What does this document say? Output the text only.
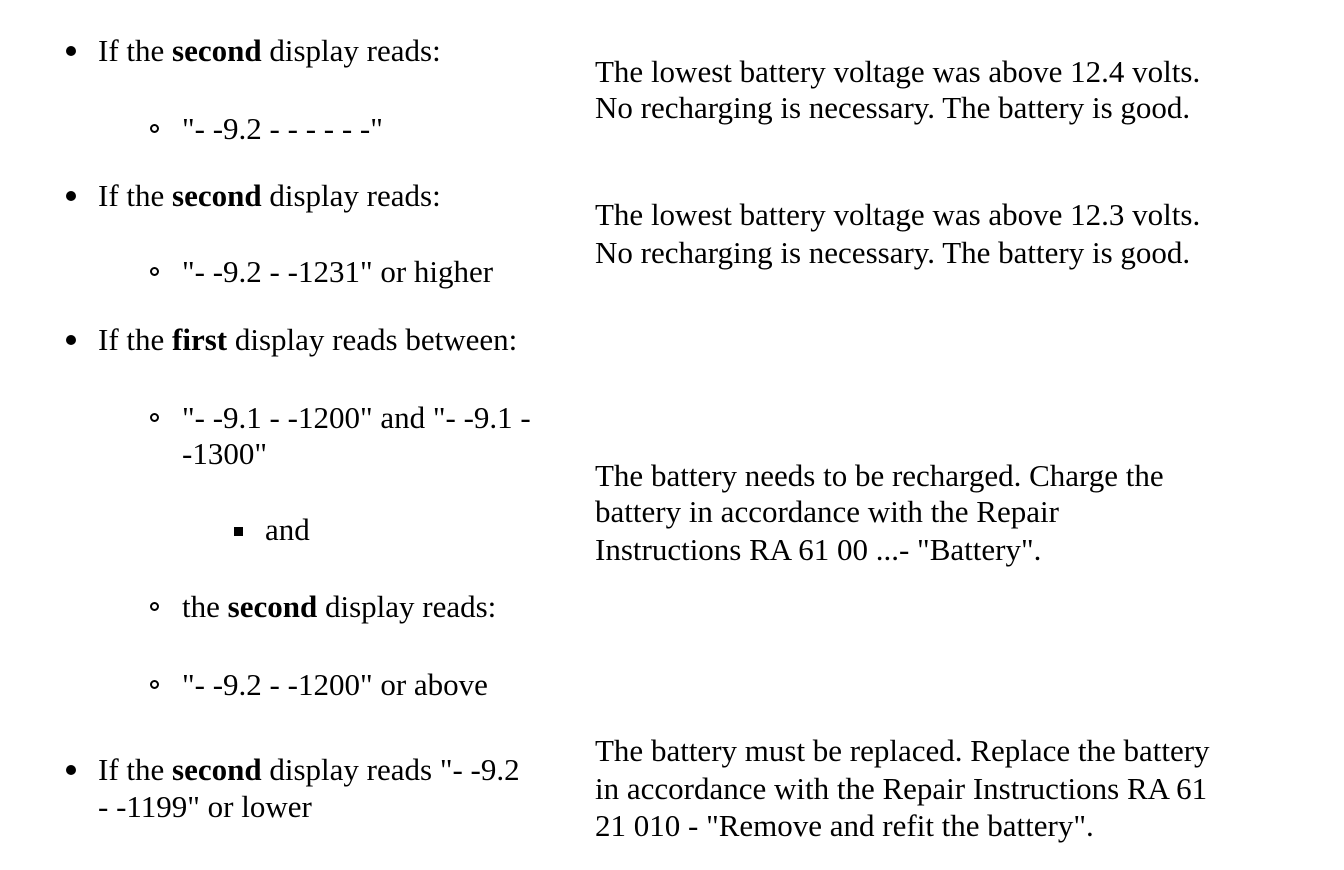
If the second display reads:
"- -9.2 - - - - - -"
The lowest battery voltage was above 12.4 volts.
No recharging is necessary. The battery is good.
If the second display reads:
"- -9.2 - -1231" or higher
The lowest battery voltage was above 12.3 volts.
No recharging is necessary. The battery is good.
If the first display reads between:
"- -9.1 - -1200" and "- -9.1 -
-1300"
and
the second display reads:
"- -9.2 - -1200" or above
The battery needs to be recharged. Charge the
battery in accordance with the Repair
Instructions RA 61 00 ...- "Battery".
If the second display reads "- -9.2
- -1199" or lower
The battery must be replaced. Replace the battery
in accordance with the Repair Instructions RA 61
21 010 - "Remove and refit the battery".
